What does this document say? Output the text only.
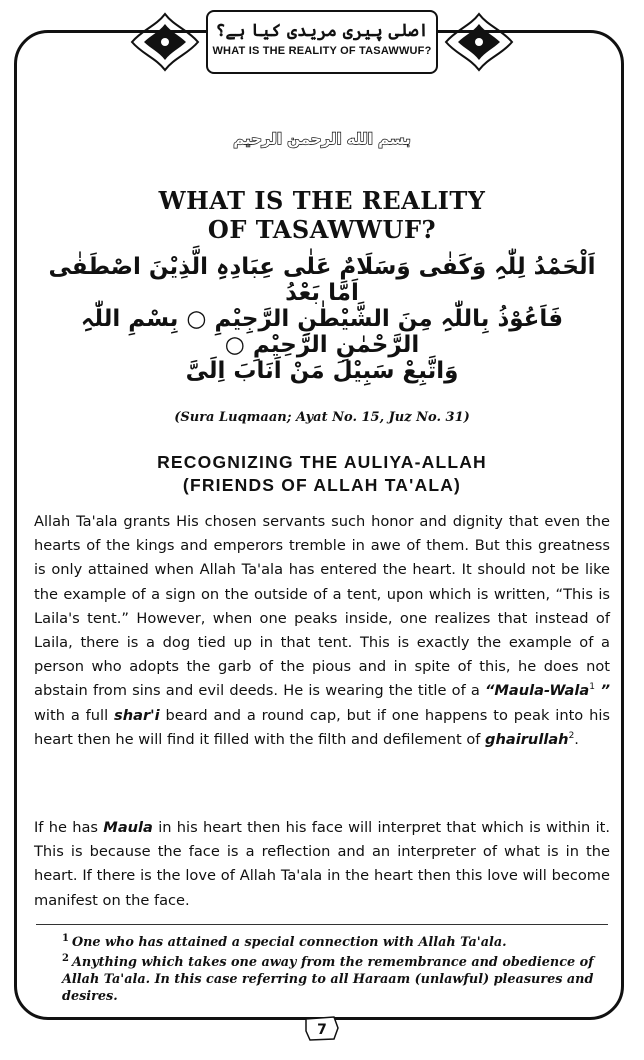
اصلی پیری مریدی کیا ہے؟
WHAT IS THE REALITY OF TASAWWUF?
بسم الله الرحمن الرحيم
WHAT IS THE REALITY
OF TASAWWUF?
اَلْحَمْدُ لِلّٰہِ وَکَفٰی وَسَلَامٌ عَلٰی عِبَادِہِ الَّذِیْنَ اصْطَفٰی اَمَّا بَعْدُ
فَاَعُوْذُ بِاللّٰہِ مِنَ الشَّیْطٰنِ الرَّجِیْمِ ○ بِسْمِ اللّٰہِ الرَّحْمٰنِ الرَّحِیْمِ ○
وَاتَّبِعْ سَبِیْلَ مَنْ اَنَابَ اِلَیَّ
(Sura Luqmaan; Ayat No. 15, Juz No. 31)
RECOGNIZING THE AULIYA-ALLAH
(FRIENDS OF ALLAH TA'ALA)

Allah Ta'ala grants His chosen servants such honor and dignity that even the hearts of the kings and emperors tremble in awe of them. But this greatness is only attained when Allah Ta'ala has entered the heart. It should not be like the example of a sign on the outside of a tent, upon which is written, “This is Laila's tent.” However, when one peaks inside, one realizes that instead of Laila, there is a dog tied up in that tent. This is exactly the example of a person who adopts the garb of the pious and in spite of this, he does not abstain from sins and evil deeds. He is wearing the title of a “Maula-Wala$^1$ ” with a full shar'i beard and a round cap, but if one happens to peak into his heart then he will find it filled with the filth and defilement of ghairullah$^2$.

If he has Maula in his heart then his face will interpret that which is within it. This is because the face is a reflection and an interpreter of what is in the heart. If there is the love of Allah Ta'ala in the heart then this love will become manifest on the face.

$^1$ One who has attained a special connection with Allah Ta'ala.
$^2$ Anything which takes one away from the remembrance and obedience of Allah Ta'ala. In this case referring to all Haraam (unlawful) pleasures and desires.
7
